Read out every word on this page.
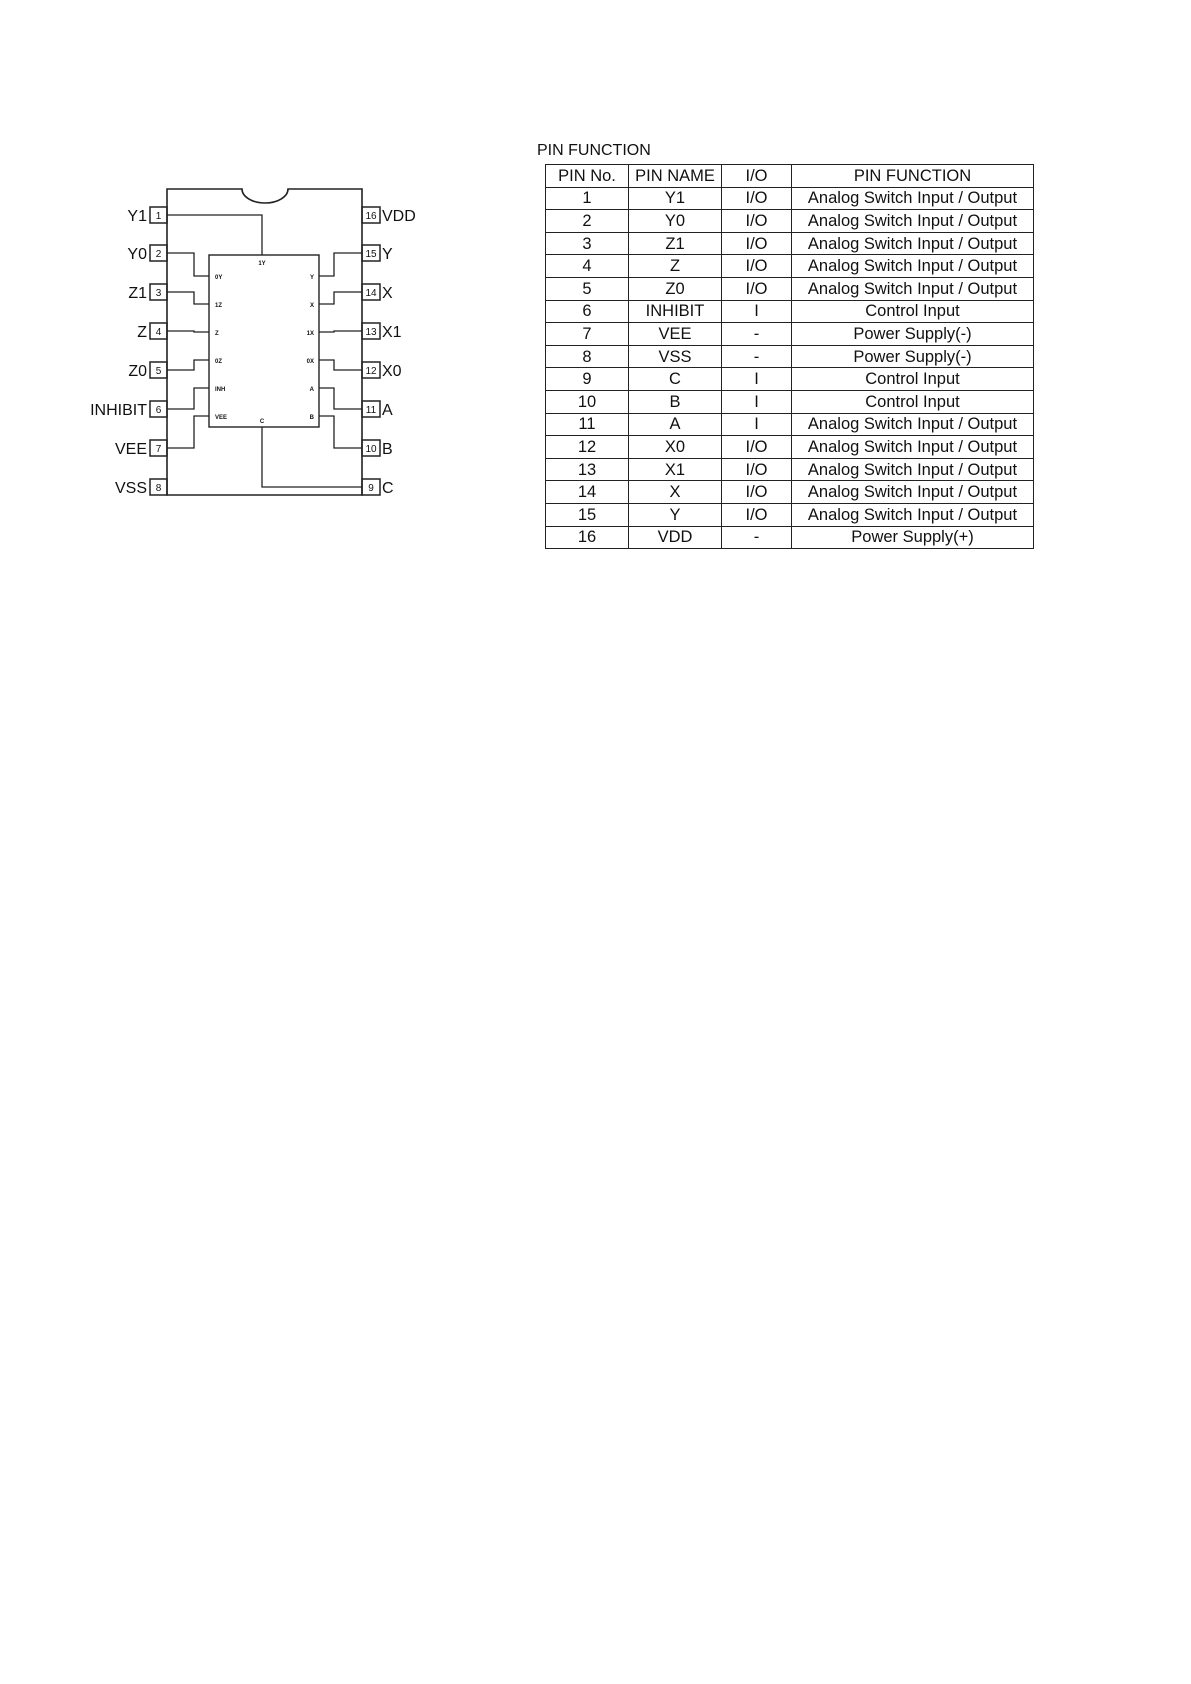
1
Y1
2
Y0
3
Z1
4
Z
5
Z0
6
INHIBIT
7
VEE
8
VSS
16 VDD
15 Y
14 X
13 X1
12 X0
11 A
10 B
9 C
1Y
0Y
1Z
Z
0Z
INH
VEE
Y
X
1X
0X
A
B
C
PIN FUNCTION
PIN No.	PIN NAME	I/O	PIN FUNCTION
1	Y1	I/O	Analog Switch Input / Output
2	Y0	I/O	Analog Switch Input / Output
3	Z1	I/O	Analog Switch Input / Output
4	Z	I/O	Analog Switch Input / Output
5	Z0	I/O	Analog Switch Input / Output
6	INHIBIT	I	Control Input
7	VEE	-	Power Supply(-)
8	VSS	-	Power Supply(-)
9	C	I	Control Input
10	B	I	Control Input
11	A	I	Analog Switch Input / Output
12	X0	I/O	Analog Switch Input / Output
13	X1	I/O	Analog Switch Input / Output
14	X	I/O	Analog Switch Input / Output
15	Y	I/O	Analog Switch Input / Output
16	VDD	-	Power Supply(+)
